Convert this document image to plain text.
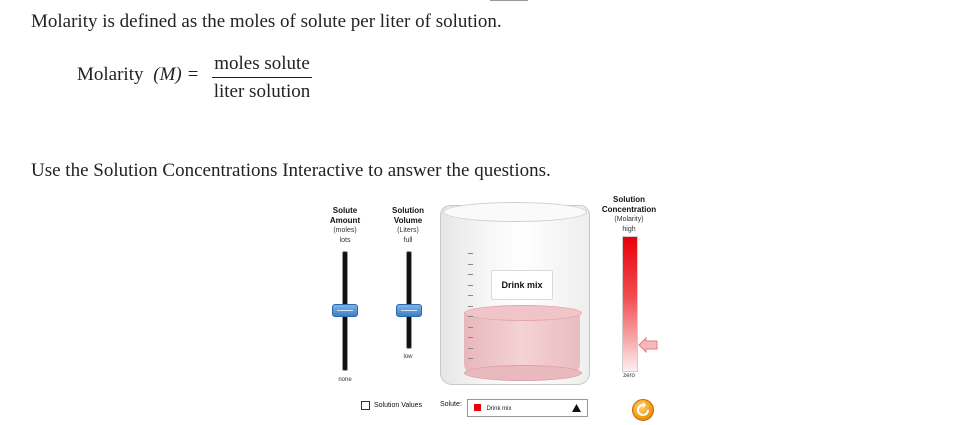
Molarity is defined as the moles of solute per liter of solution.
Molarity (M) =
moles solute
liter solution
Use the Solution Concentrations Interactive to answer the questions.
Solute
Amount
(moles)
lots
none
Solution
Volume
(Liters)
full
low
Drink mix
Solution
Concentration
(Molarity)
high
zero
Solution Values	Solute:
Drink mix
